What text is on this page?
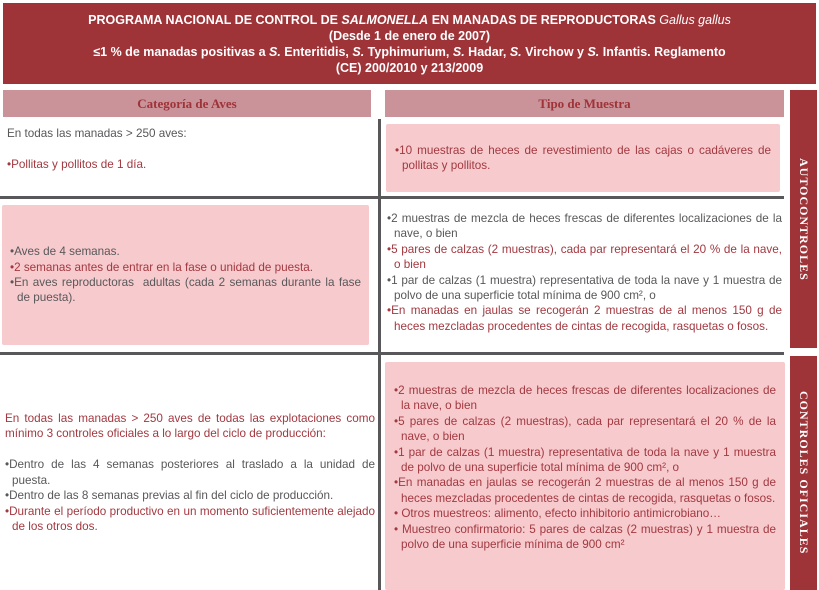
PROGRAMA NACIONAL DE CONTROL DE SALMONELLA EN MANADAS DE REPRODUCTORAS Gallus gallus
(Desde 1 de enero de 2007)
≤1 % de manadas positivas a S. Enteritidis, S. Typhimurium, S. Hadar, S. Virchow y S. Infantis. Reglamento
(CE) 200/2010 y 213/2009
Categoría de Aves	Tipo de Muestra
AUTOCONTROLES
CONTROLES OFICIALES

En todas las manadas > 250 aves:

•Pollitas y pollitos de 1 día.

•10 muestras de heces de revestimiento de las cajas o cadáveres de pollitas y pollitos.

•Aves de 4 semanas.

•2 semanas antes de entrar en la fase o unidad de puesta.

•En aves reproductoras  adultas (cada 2 semanas durante la fase de puesta).

•2 muestras de mezcla de heces frescas de diferentes localizaciones de la nave, o bien

•5 pares de calzas (2 muestras), cada par representará el 20 % de la nave, o bien

•1 par de calzas (1 muestra) representativa de toda la nave y 1 muestra de polvo de una superficie total mínima de 900 cm², o

•En manadas en jaulas se recogerán 2 muestras de al menos 150 g de heces mezcladas procedentes de cintas de recogida, rasquetas o fosos.

En todas las manadas > 250 aves de todas las explotaciones como mínimo 3 controles oficiales a lo largo del ciclo de producción:

•Dentro de las 4 semanas posteriores al traslado a la unidad de puesta.

•Dentro de las 8 semanas previas al fin del ciclo de producción.

•Durante el período productivo en un momento suficientemente alejado de los otros dos.

•2 muestras de mezcla de heces frescas de diferentes localizaciones de la nave, o bien

•5 pares de calzas (2 muestras), cada par representará el 20 % de la nave, o bien

•1 par de calzas (1 muestra) representativa de toda la nave y 1 muestra de polvo de una superficie total mínima de 900 cm², o

•En manadas en jaulas se recogerán 2 muestras de al menos 150 g de heces mezcladas procedentes de cintas de recogida, rasquetas o fosos.

• Otros muestreos: alimento, efecto inhibitorio antimicrobiano…

• Muestreo confirmatorio: 5 pares de calzas (2 muestras) y 1 muestra de polvo de una superficie mínima de 900 cm²
